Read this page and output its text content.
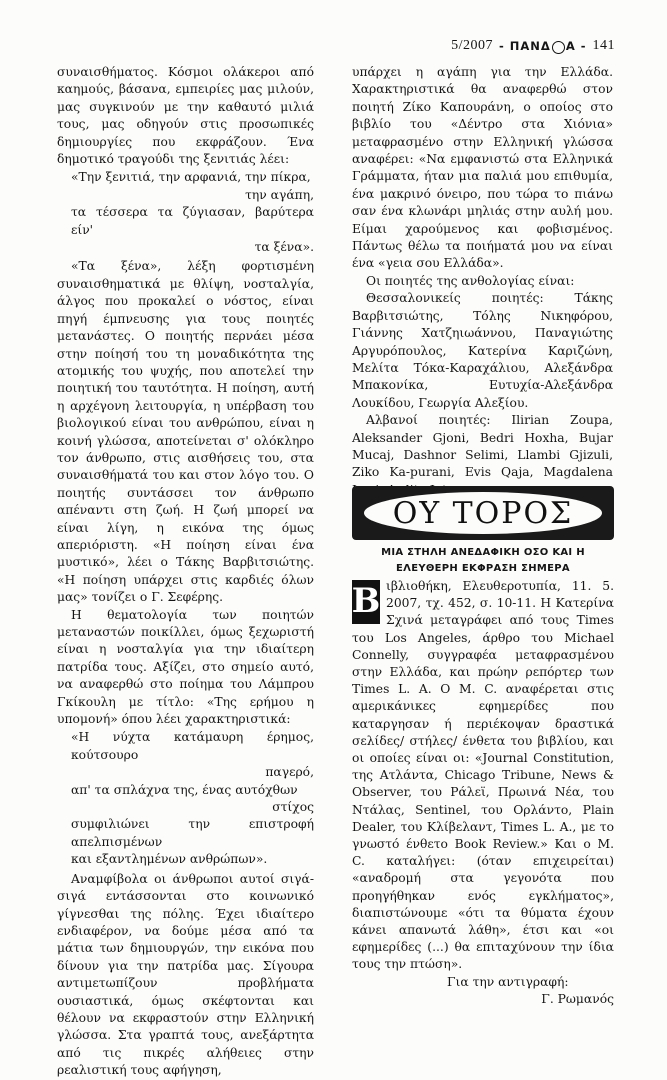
5/2007 - ΠΑΝΔ Α - 141

συναισθήματος. Κόσμοι ολάκεροι από καημούς, βάσανα, εμπειρίες μας μιλούν, μας συγκινούν με την καθαυτό μιλιά τους, μας οδηγούν στις προσωπικές δημιουργίες που εκφράζουν. Ένα δημοτικό τραγούδι της ξενιτιάς λέει:

«Την ξενιτιά, την αρφανιά, την πίκρα,
την αγάπη,
τα τέσσερα τα ζύγιασαν, βαρύτερα είν'
τα ξένα».

«Τα ξένα», λέξη φορτισμένη συναισθηματικά με θλίψη, νοσταλγία, άλγος που προκαλεί ο νόστος, είναι πηγή έμπνευσης για τους ποιητές μετανάστες. Ο ποιητής περνάει μέσα στην ποίησή του τη μοναδικότητα της ατομικής του ψυχής, που αποτελεί την ποιητική του ταυτότητα. Η ποίηση, αυτή η αρχέγονη λειτουργία, η υπέρβαση του βιολογικού είναι του ανθρώπου, είναι η κοινή γλώσσα, αποτείνεται σ' ολόκληρο τον άνθρωπο, στις αισθήσεις του, στα συναισθήματά του και στον λόγο του. Ο ποιητής συντάσσει τον άνθρωπο απέναντι στη ζωή. Η ζωή μπορεί να είναι λίγη, η εικόνα της όμως απεριόριστη. «Η ποίηση είναι ένα μυστικό», λέει ο Τάκης Βαρβιτσιώτης. «Η ποίηση υπάρχει στις καρδιές όλων μας» τονίζει ο Γ. Σεφέρης.

Η θεματολογία των ποιητών μεταναστών ποικίλλει, όμως ξεχωριστή είναι η νοσταλγία για την ιδιαίτερη πατρίδα τους. Αξίζει, στο σημείο αυτό, να αναφερθώ στο ποίημα του Λάμπρου Γκίκουλη με τίτλο: «Της ερήμου η υπομονή» όπου λέει χαρακτηριστικά:

«Η νύχτα κατάμαυρη έρημος, κούτσουρο
παγερό,
απ' τα σπλάχνα της, ένας αυτόχθων
στίχος
συμφιλιώνει την επιστροφή απελπισμένων
και εξαντλημένων ανθρώπων».

Αναμφίβολα οι άνθρωποι αυτοί σιγά- σιγά εντάσσονται στο κοινωνικό γίγνεσθαι της πόλης. Έχει ιδιαίτερο ενδιαφέρον, να δούμε μέσα από τα μάτια των δημιουργών, την εικόνα που δίνουν για την πατρίδα μας. Σίγουρα αντιμετωπίζουν προβλήματα ουσιαστικά, όμως σκέφτονται και θέλουν να εκφραστούν στην Ελληνική γλώσσα. Στα γραπτά τους, ανεξάρτητα από τις πικρές αλήθειες στην ρεαλιστική τους αφήγηση,

υπάρχει η αγάπη για την Ελλάδα. Χαρακτηριστικά θα αναφερθώ στον ποιητή Ζίκο Καπουράνη, ο οποίος στο βιβλίο του «Δέντρο στα Χιόνια» μεταφρασμένο στην Ελληνική γλώσσα αναφέρει: «Να εμφανιστώ στα Ελληνικά Γράμματα, ήταν μια παλιά μου επιθυμία, ένα μακρινό όνειρο, που τώρα το πιάνω σαν ένα κλωνάρι μηλιάς στην αυλή μου. Είμαι χαρούμενος και φοβισμένος. Πάντως θέλω τα ποιήματά μου να είναι ένα «γεια σου Ελλάδα».

Οι ποιητές της ανθολογίας είναι:

Θεσσαλονικείς ποιητές: Τάκης Βαρβιτσιώτης, Τόλης Νικηφόρου, Γιάννης Χατζηιωάννου, Παναγιώτης Αργυρόπουλος, Κατερίνα Καριζώνη, Μελίτα Τόκα-Καραχάλιου, Αλεξάνδρα Μπακονίκα, Ευτυχία-Αλεξάνδρα Λουκίδου, Γεωργία Αλεξίου.

Αλβανοί ποιητές: Ilirian Zoupa, Aleksander Gjoni, Bedri Hoxha, Bujar Mucaj, Dashnor Selimi, Llambi Gjizuli, Ziko Ka-purani, Evis Qaja, Magdalena

ΟΥ ΤΟΡΟΣ
ΜΙΑ ΣΤΗΛΗ ΑΝΕΔΑΦΙΚΗ ΟΣΟ ΚΑΙ Η ΕΛΕΥΘΕΡΗ ΕΚΦΡΑΣΗ ΣΗΜΕΡΑ
Β ιβλιοθήκη, Ελευθεροτυπία, 11. 5. 2007, τχ. 452, σ. 10-11. Η Κατερίνα Σχινά μεταγράφει από τους Times του Los Angeles, άρθρο του Michael Connelly, συγγραφέα μεταφρασμένου στην Ελλάδα, και πρώην ρεπόρτερ των Times L. A. O M. C. αναφέρεται στις αμερικάνικες εφημερίδες που καταργησαν ή περιέκοψαν δραστικά σελίδες/ στήλες/ ένθετα του βιβλίου, και οι οποίες είναι οι: «Journal Constitution, της Ατλάντα, Chicago Tribune, News & Observer, του Ράλεϊ, Πρωινά Νέα, του Ντάλας, Sentinel, του Ορλάντο, Plain Dealer, του Κλίβελαντ, Times L. A., με το γνωστό ένθετο Book Review.» Και ο M. C. καταλήγει: (όταν επιχειρείται) «αναδρομή στα γεγονότα που προηγήθηκαν ενός εγκλήματος», διαπιστώνουμε «ότι τα θύματα έχουν κάνει απανωτά λάθη», έτσι και «οι εφημερίδες (...) θα επιταχύνουν την ίδια τους την πτώση».
Για την αντιγραφή:
Γ. Ρωμανός
